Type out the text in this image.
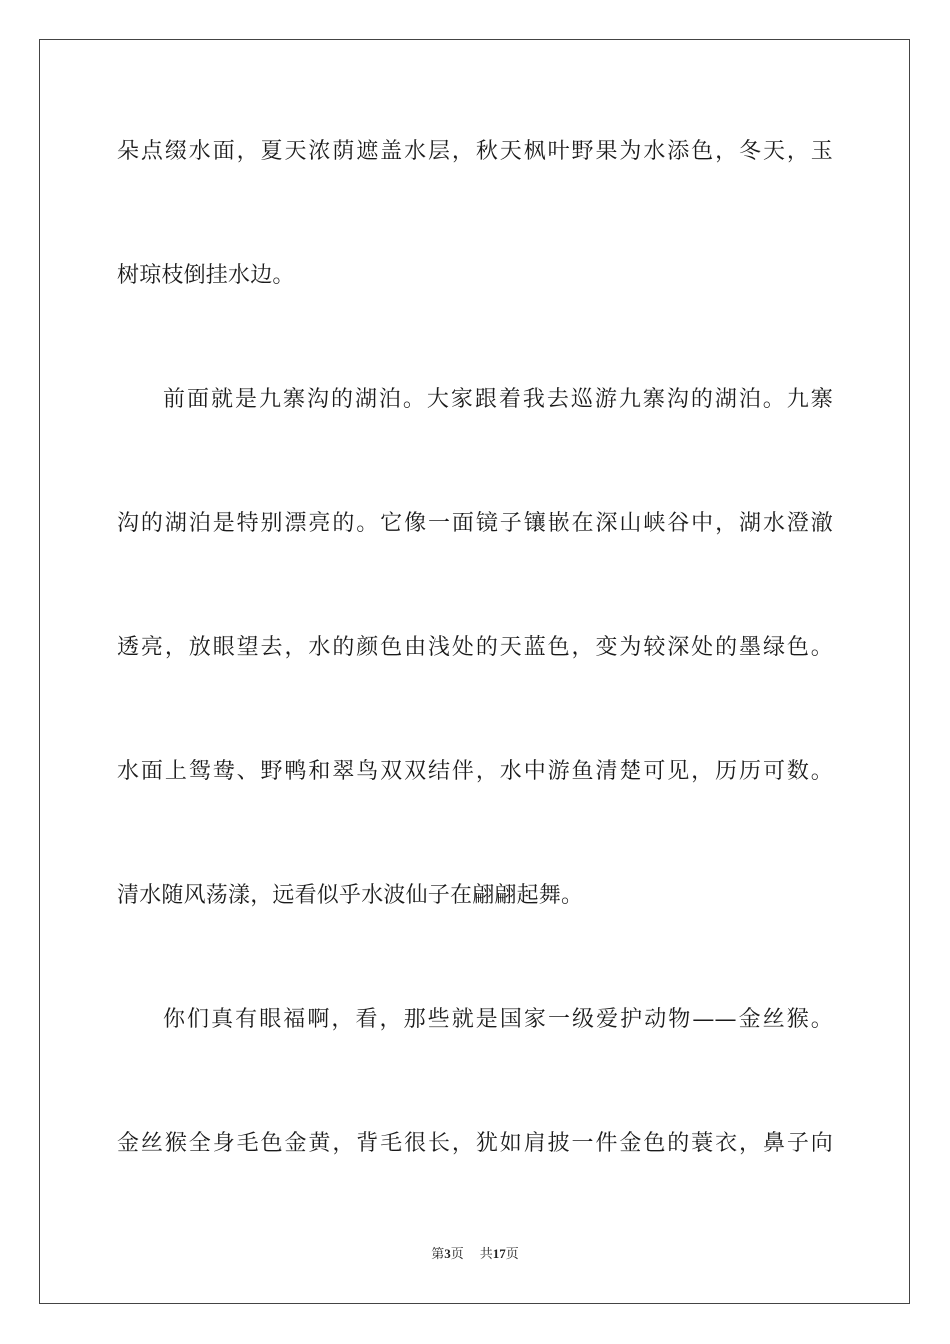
朵点缀水面，夏天浓荫遮盖水层，秋天枫叶野果为水添色，冬天，玉
树琼枝倒挂水边。
前面就是九寨沟的湖泊。大家跟着我去巡游九寨沟的湖泊。九寨
沟的湖泊是特别漂亮的。它像一面镜子镶嵌在深山峡谷中，湖水澄澈
透亮，放眼望去，水的颜色由浅处的天蓝色，变为较深处的墨绿色。
水面上鸳鸯、野鸭和翠鸟双双结伴，水中游鱼清楚可见，历历可数。
清水随风荡漾，远看似乎水波仙子在翩翩起舞。
你们真有眼福啊，看，那些就是国家一级爱护动物——金丝猴。
金丝猴全身毛色金黄，背毛很长，犹如肩披一件金色的蓑衣，鼻子向
第3页 共17页
